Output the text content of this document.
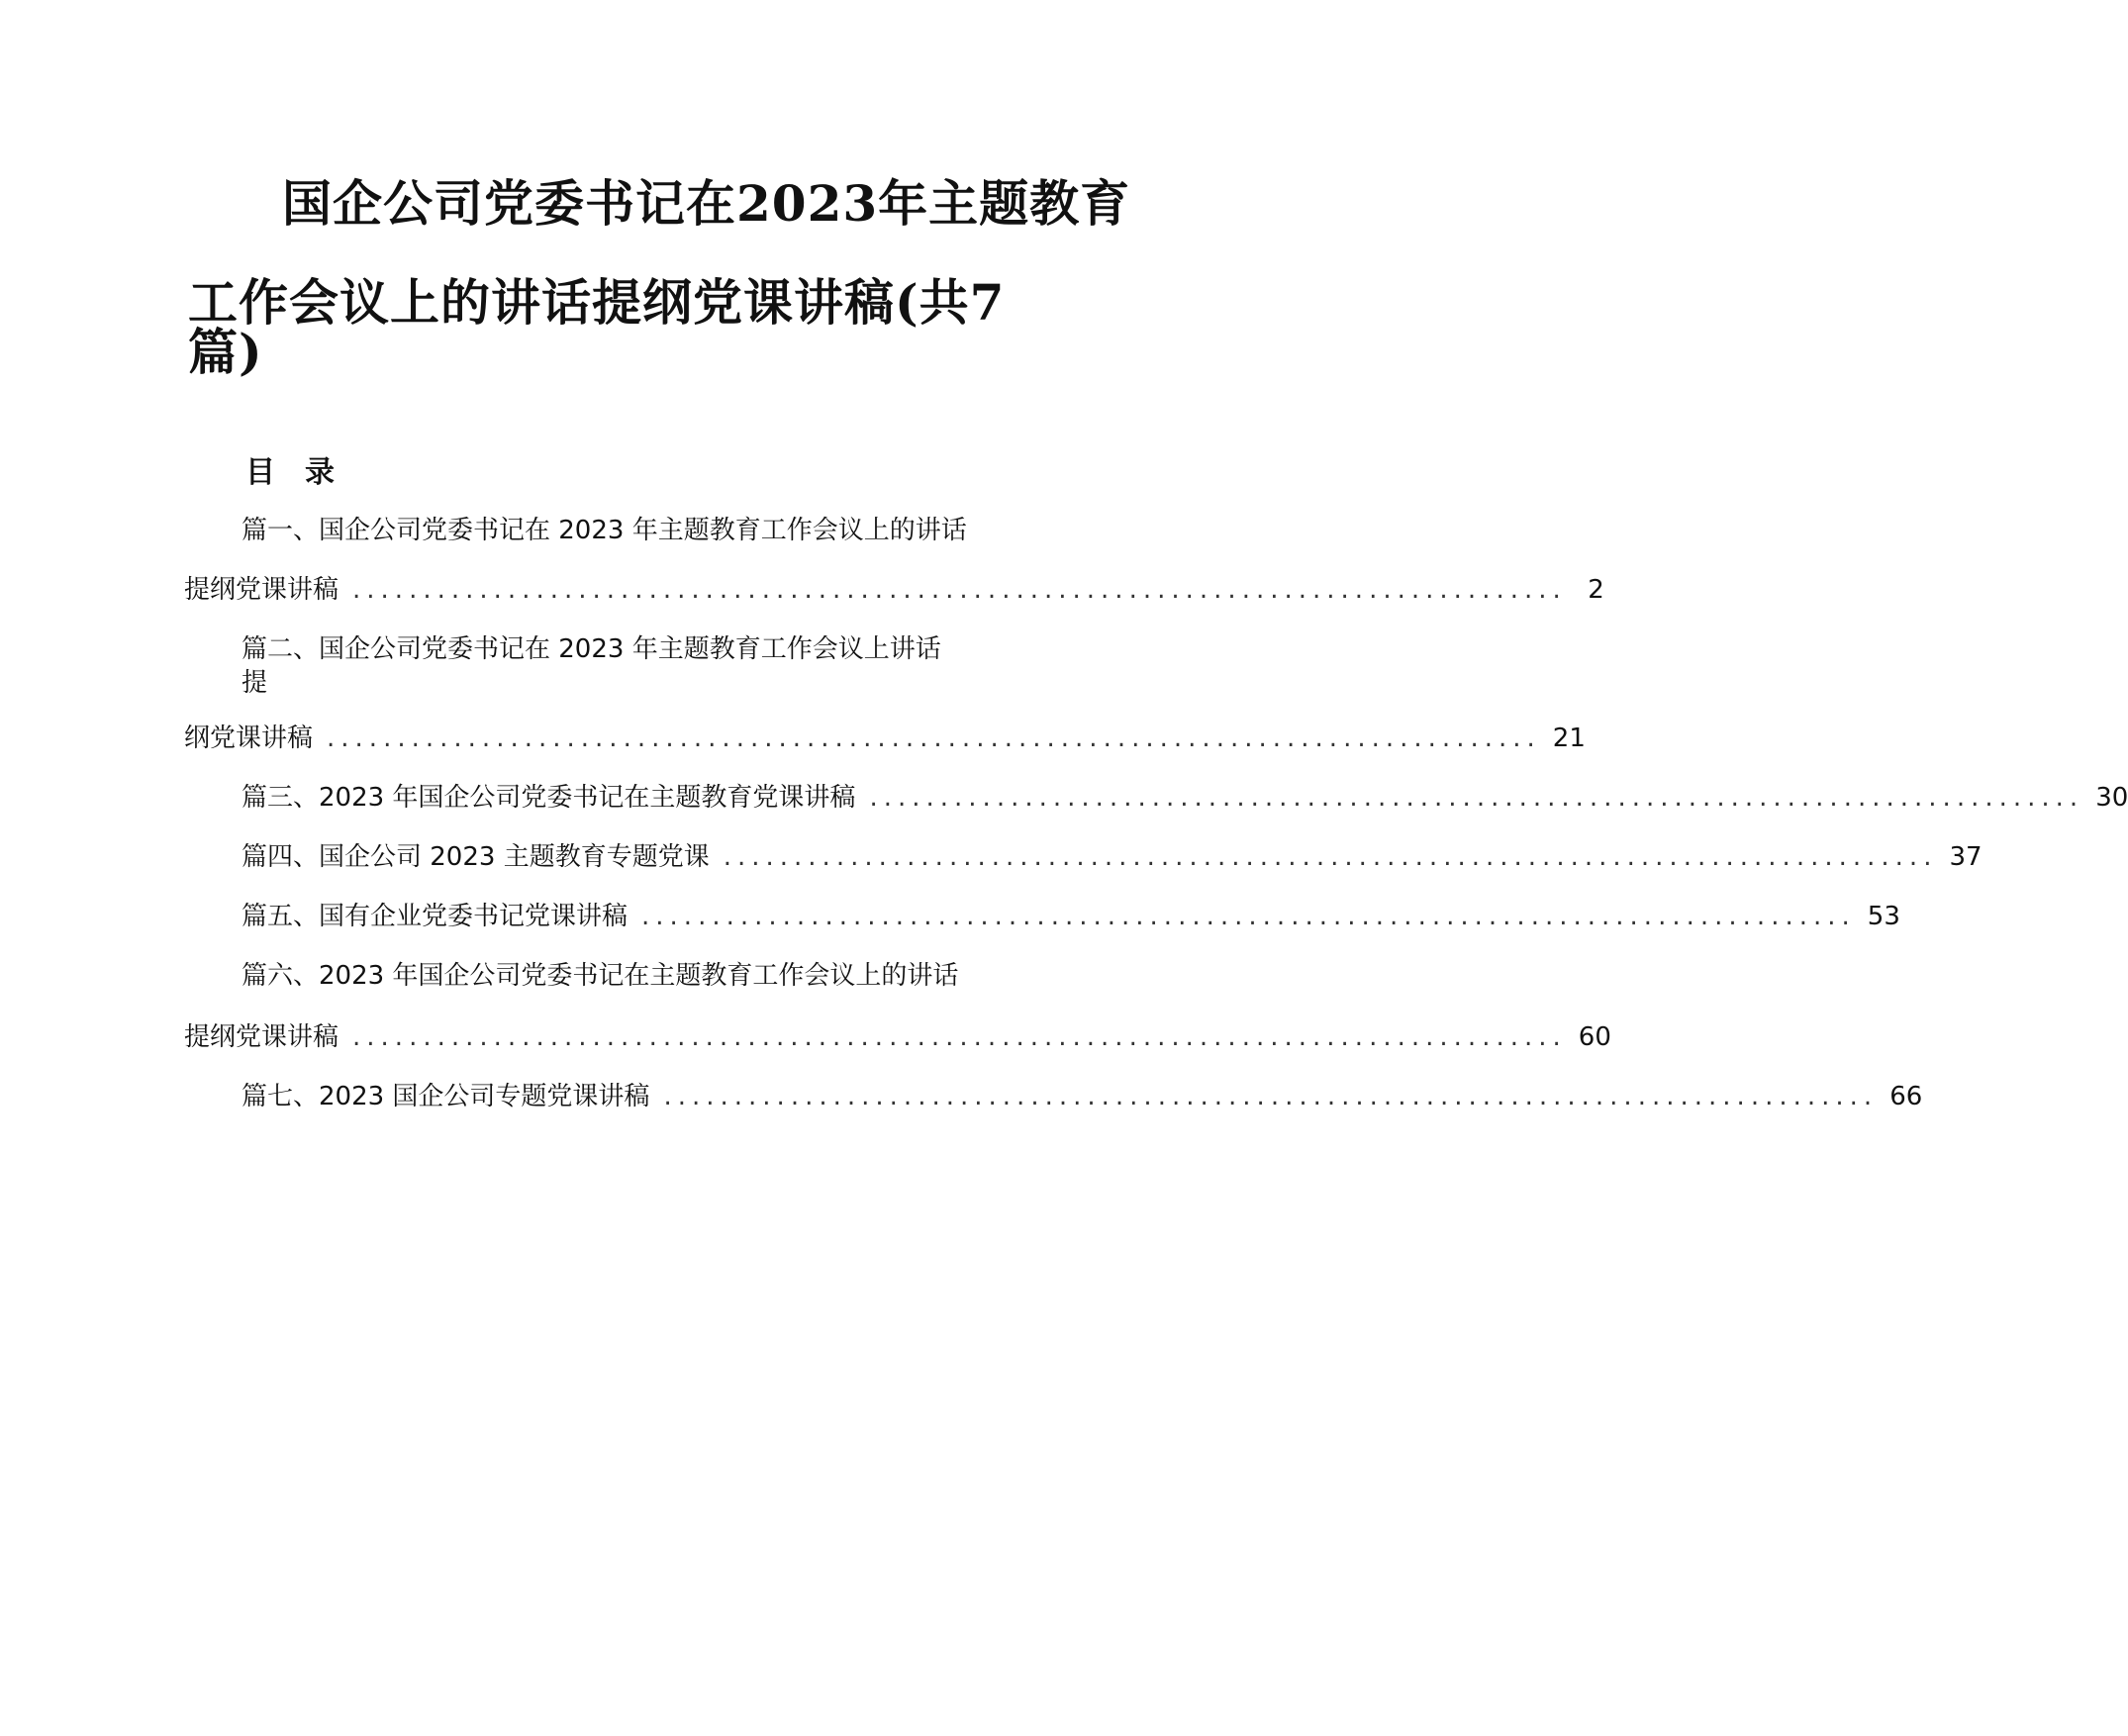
国企公司党委书记在2023年主题教育
工作会议上的讲话提纲党课讲稿(共7
篇)
目 录
篇一、国企公司党委书记在 2023 年主题教育工作会议上的讲话
提纲党课讲稿 ...................................................................................... 2
篇二、国企公司党委书记在 2023 年主题教育工作会议上讲话
提
纲党课讲稿 ...................................................................................... 21
篇三、2023 年国企公司党委书记在主题教育党课讲稿 ...................................................................................... 30
篇四、国企公司 2023 主题教育专题党课 ...................................................................................... 37
篇五、国有企业党委书记党课讲稿 ...................................................................................... 53
篇六、2023 年国企公司党委书记在主题教育工作会议上的讲话
提纲党课讲稿 ...................................................................................... 60
篇七、2023 国企公司专题党课讲稿 ...................................................................................... 66
